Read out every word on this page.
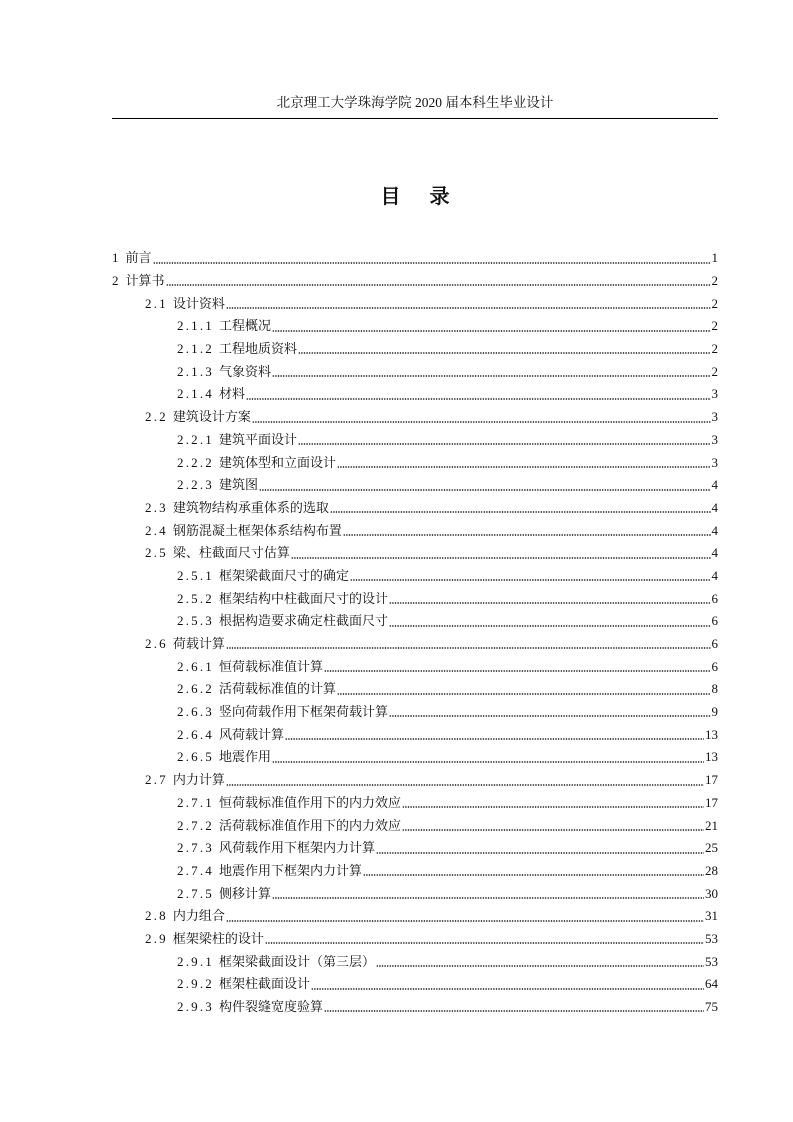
北京理工大学珠海学院 2020 届本科生毕业设计
目 录
1 前言	1
2 计算书	2
2.1 设计资料	2
2.1.1 工程概况	2
2.1.2 工程地质资料	2
2.1.3 气象资料	2
2.1.4 材料	3
2.2 建筑设计方案	3
2.2.1 建筑平面设计	3
2.2.2 建筑体型和立面设计	3
2.2.3 建筑图	4
2.3 建筑物结构承重体系的选取	4
2.4 钢筋混凝土框架体系结构布置	4
2.5 梁、柱截面尺寸估算	4
2.5.1 框架梁截面尺寸的确定	4
2.5.2 框架结构中柱截面尺寸的设计	6
2.5.3 根据构造要求确定柱截面尺寸	6
2.6 荷载计算	6
2.6.1 恒荷载标准值计算	6
2.6.2 活荷载标准值的计算	8
2.6.3 竖向荷载作用下框架荷载计算	9
2.6.4 风荷载计算	13
2.6.5 地震作用	13
2.7 内力计算	17
2.7.1 恒荷载标准值作用下的内力效应	17
2.7.2 活荷载标准值作用下的内力效应	21
2.7.3 风荷载作用下框架内力计算	25
2.7.4 地震作用下框架内力计算	28
2.7.5 侧移计算	30
2.8 内力组合	31
2.9 框架梁柱的设计	53
2.9.1 框架梁截面设计（第三层）	53
2.9.2 框架柱截面设计	64
2.9.3 构件裂缝宽度验算	75
